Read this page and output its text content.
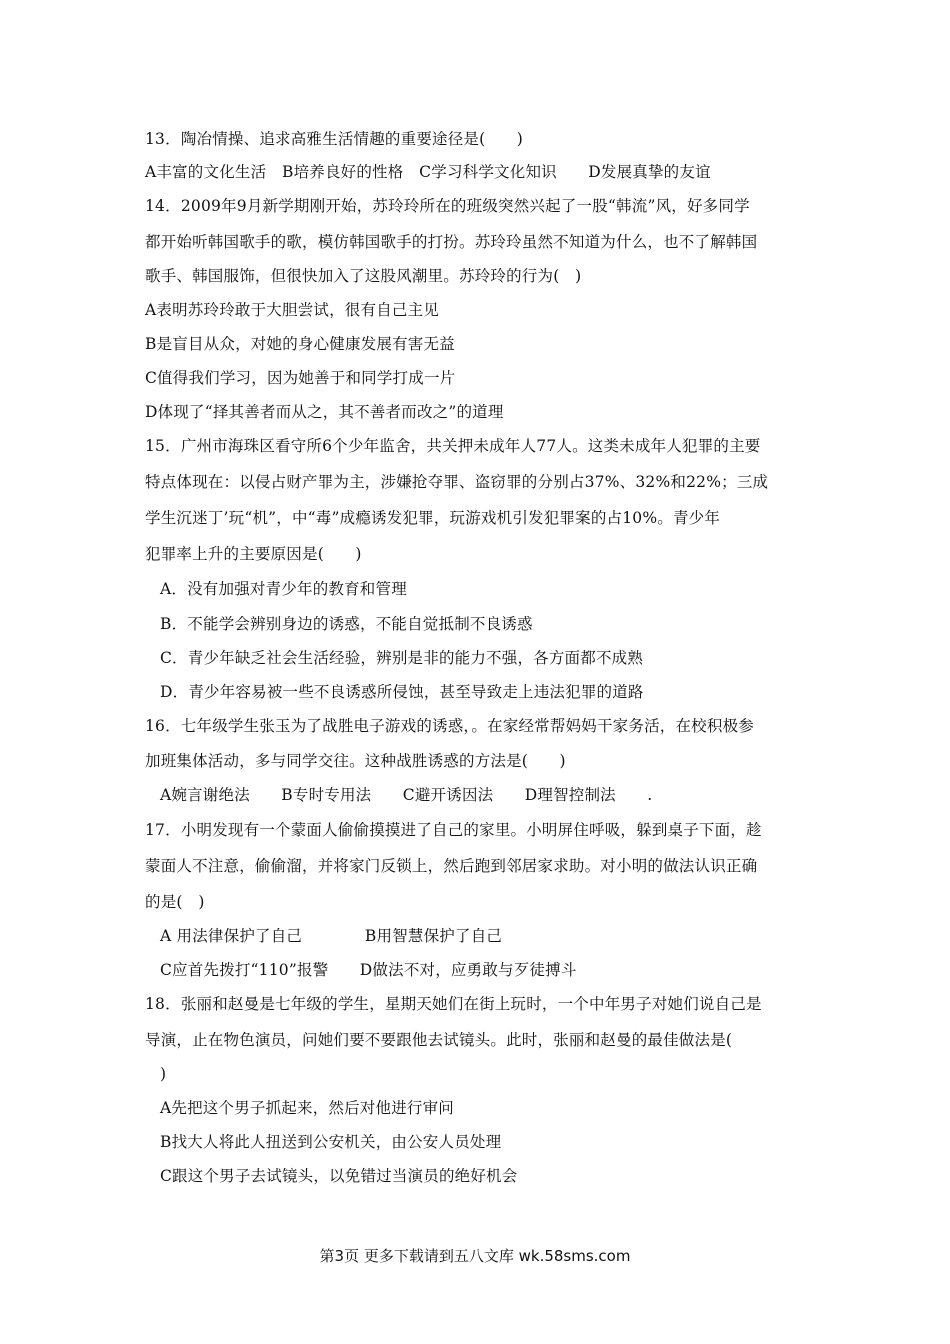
13．陶冶情操、追求高雅生活情趣的重要途径是(　　)
A丰富的文化生活　B培养良好的性格　C学习科学文化知识　　D发展真挚的友谊
14．2009年9月新学期刚开始，苏玲玲所在的班级突然兴起了一股“韩流”风，好多同学
都开始听韩国歌手的歌，模仿韩国歌手的打扮。苏玲玲虽然不知道为什么，也不了解韩国
歌手、韩国服饰，但很快加入了这股风潮里。苏玲玲的行为(　)
A表明苏玲玲敢于大胆尝试，很有自己主见
B是盲目从众，对她的身心健康发展有害无益
C值得我们学习，因为她善于和同学打成一片
D体现了“择其善者而从之，其不善者而改之”的道理
15．广州市海珠区看守所6个少年监舍，共关押未成年人77人。这类未成年人犯罪的主要
特点体现在：以侵占财产罪为主，涉嫌抢夺罪、盗窃罪的分别占37%、32%和22%；三成
学生沉迷丁’玩“机”，中“毒”成瘾诱发犯罪，玩游戏机引发犯罪案的占10%。青少年
犯罪率上升的主要原因是(　　)
A．没有加强对青少年的教育和管理
B．不能学会辨别身边的诱惑，不能自觉抵制不良诱惑
C．青少年缺乏社会生活经验，辨别是非的能力不强，各方面都不成熟
D．青少年容易被一些不良诱惑所侵蚀，甚至导致走上违法犯罪的道路
16．七年级学生张玉为了战胜电子游戏的诱惑，。在家经常帮妈妈干家务活，在校积极参
加班集体活动，多与同学交往。这种战胜诱惑的方法是(　　)
A婉言谢绝法　　B专时专用法　　C避开诱因法　　D理智控制法　　.
17．小明发现有一个蒙面人偷偷摸摸进了自己的家里。小明屏住呼吸，躲到桌子下面，趁
蒙面人不注意，偷偷溜，并将家门反锁上，然后跑到邻居家求助。对小明的做法认识正确
的是(　)
A 用法律保护了自己　　　　B用智慧保护了自己
C应首先拨打“110”报警　　D做法不对，应勇敢与歹徒搏斗
18．张丽和赵曼是七年级的学生，星期天她们在街上玩时，一个中年男子对她们说自己是
导演，止在物色演员，问她们要不要跟他去试镜头。此时，张丽和赵曼的最佳做法是(
)
A先把这个男子抓起来，然后对他进行审问
B找大人将此人扭送到公安机关，由公安人员处理
C跟这个男子去试镜头，以免错过当演员的绝好机会
第3页 更多下载请到五八文库 wk.58sms.com
